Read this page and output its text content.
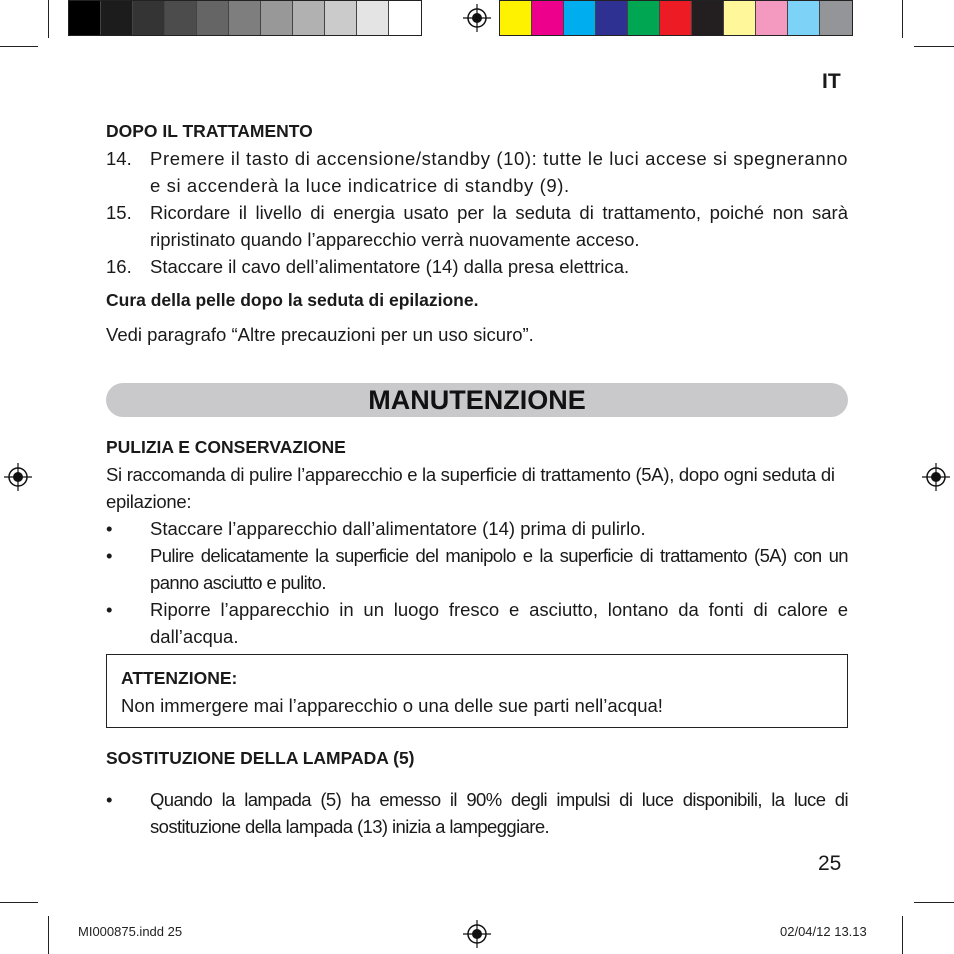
IT

DOPO IL TRATTAMENTO

14. Premere il tasto di accensione/standby (10): tutte le luci accese si spegneranno e si accenderà la luce indicatrice di standby (9).
15. Ricordare il livello di energia usato per la seduta di trattamento, poiché non sarà ripristinato quando l’apparecchio verrà nuovamente acceso.
16. Staccare il cavo dell’alimentatore (14) dalla presa elettrica.

Cura della pelle dopo la seduta di epilazione.

Vedi paragrafo “Altre precauzioni per un uso sicuro”.

MANUTENZIONE

PULIZIA E CONSERVAZIONE

Si raccomanda di pulire l’apparecchio e la superficie di trattamento (5A), dopo ogni seduta di epilazione:

•	Staccare l’apparecchio dall’alimentatore (14) prima di pulirlo.
•	Pulire delicatamente la superficie del manipolo e la superficie di trattamento (5A) con un panno asciutto e pulito.
•	Riporre l’apparecchio in un luogo fresco e asciutto, lontano da fonti di calore e dall’acqua.
ATTENZIONE:
Non immergere mai l’apparecchio o una delle sue parti nell’acqua!

SOSTITUZIONE DELLA LAMPADA (5)

•	Quando la lampada (5) ha emesso il 90% degli impulsi di luce disponibili, la luce di sostituzione della lampada (13) inizia a lampeggiare.
25
MI000875.indd 25	02/04/12 13.13
